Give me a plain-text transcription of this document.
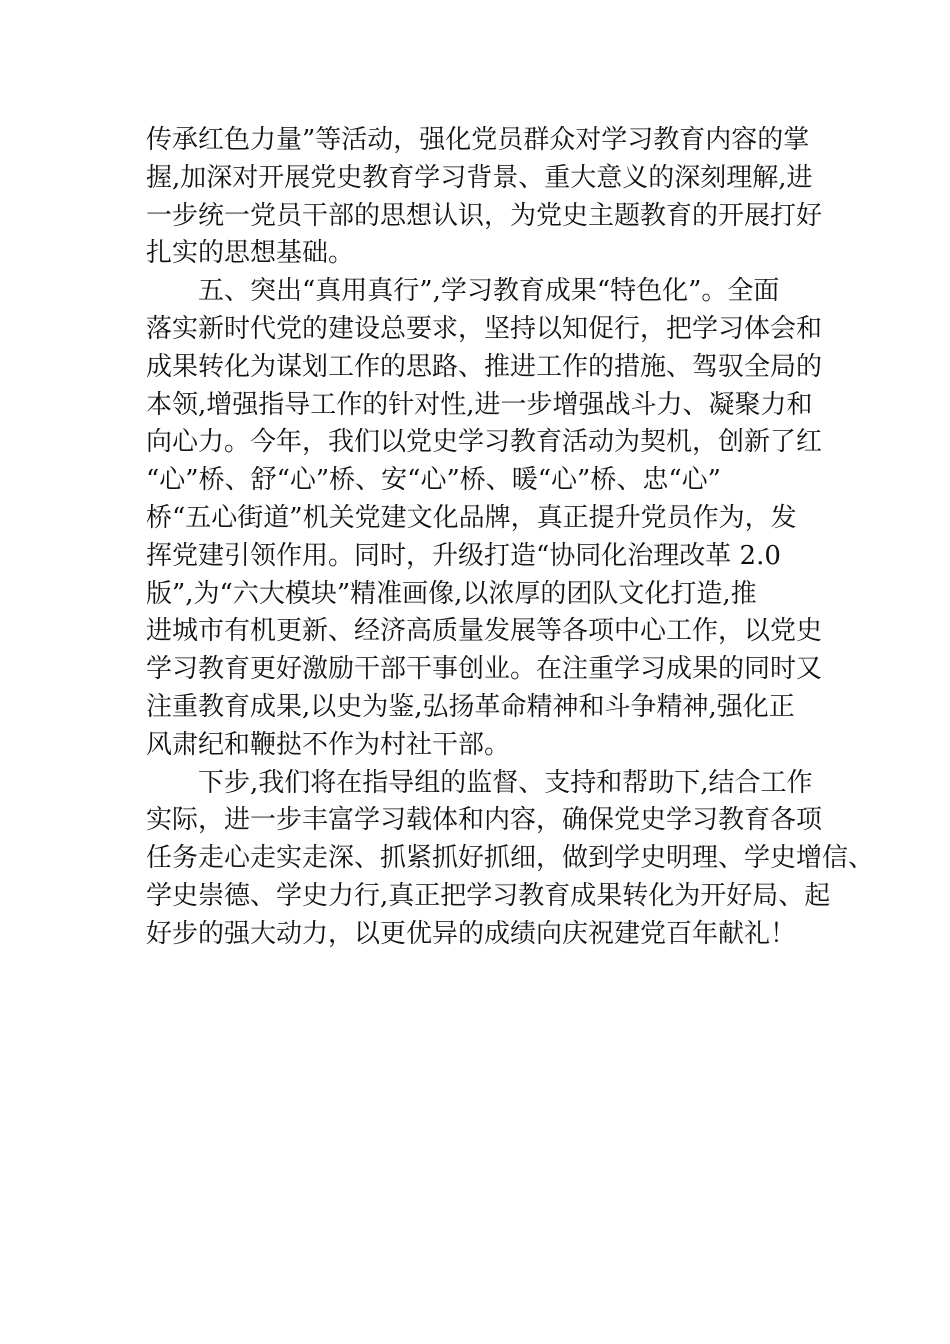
传承红色力量”等活动，强化党员群众对学习教育内容的掌
握,加深对开展党史教育学习背景、重大意义的深刻理解,进
一步统一党员干部的思想认识，为党史主题教育的开展打好
扎实的思想基础。
　　五、突出“真用真行”,学习教育成果“特色化”。全面
落实新时代党的建设总要求，坚持以知促行，把学习体会和
成果转化为谋划工作的思路、推进工作的措施、驾驭全局的
本领,增强指导工作的针对性,进一步增强战斗力、凝聚力和
向心力。今年，我们以党史学习教育活动为契机，创新了红
“心”桥、舒“心”桥、安“心”桥、暖“心”桥、忠“心”
桥“五心街道”机关党建文化品牌，真正提升党员作为，发
挥党建引领作用。同时，升级打造“协同化治理改革 2.0
版”,为“六大模块”精准画像,以浓厚的团队文化打造,推
进城市有机更新、经济高质量发展等各项中心工作，以党史
学习教育更好激励干部干事创业。在注重学习成果的同时又
注重教育成果,以史为鉴,弘扬革命精神和斗争精神,强化正
风肃纪和鞭挞不作为村社干部。
　　下步,我们将在指导组的监督、支持和帮助下,结合工作
实际，进一步丰富学习载体和内容，确保党史学习教育各项
任务走心走实走深、抓紧抓好抓细，做到学史明理、学史增信、
学史崇德、学史力行,真正把学习教育成果转化为开好局、起
好步的强大动力，以更优异的成绩向庆祝建党百年献礼！
